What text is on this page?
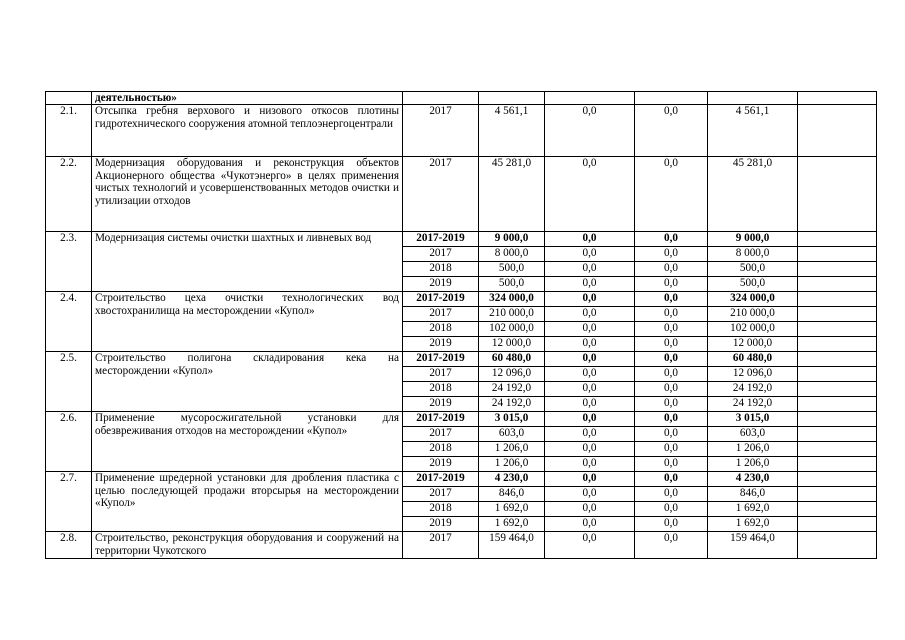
	деятельностью»						
2.1.	Отсыпка гребня верхового и низового откосов плотины гидротехнического сооружения атомной теплоэнергоцентрали	2017	4 561,1	0,0	0,0	4 561,1	
2.2.	Модернизация оборудования и реконструкция объектов Акционерного общества «Чукотэнерго» в целях применения чистых технологий и усовершенствованных методов очистки и утилизации отходов	2017	45 281,0	0,0	0,0	45 281,0	
2.3.	Модернизация системы очистки шахтных и ливневых вод	2017-2019	9 000,0	0,0	0,0	9 000,0	
		2017	8 000,0	0,0	0,0	8 000,0	
		2018	500,0	0,0	0,0	500,0	
		2019	500,0	0,0	0,0	500,0	
2.4.	Строительство цеха очистки технологических вод хвостохранилища на месторождении «Купол»	2017-2019	324 000,0	0,0	0,0	324 000,0	
		2017	210 000,0	0,0	0,0	210 000,0	
		2018	102 000,0	0,0	0,0	102 000,0	
		2019	12 000,0	0,0	0,0	12 000,0	
2.5.	Строительство полигона складирования кека на месторождении «Купол»	2017-2019	60 480,0	0,0	0,0	60 480,0	
		2017	12 096,0	0,0	0,0	12 096,0	
		2018	24 192,0	0,0	0,0	24 192,0	
		2019	24 192,0	0,0	0,0	24 192,0	
2.6.	Применение мусоросжигательной установки для обезвреживания отходов на месторождении «Купол»	2017-2019	3 015,0	0,0	0,0	3 015,0	
		2017	603,0	0,0	0,0	603,0	
		2018	1 206,0	0,0	0,0	1 206,0	
		2019	1 206,0	0,0	0,0	1 206,0	
2.7.	Применение шредерной установки для дробления пластика с целью последующей продажи вторсырья на месторождении «Купол»	2017-2019	4 230,0	0,0	0,0	4 230,0	
		2017	846,0	0,0	0,0	846,0	
		2018	1 692,0	0,0	0,0	1 692,0	
		2019	1 692,0	0,0	0,0	1 692,0	
2.8.	Строительство, реконструкция оборудования и сооружений на территории Чукотского	2017	159 464,0	0,0	0,0	159 464,0	
